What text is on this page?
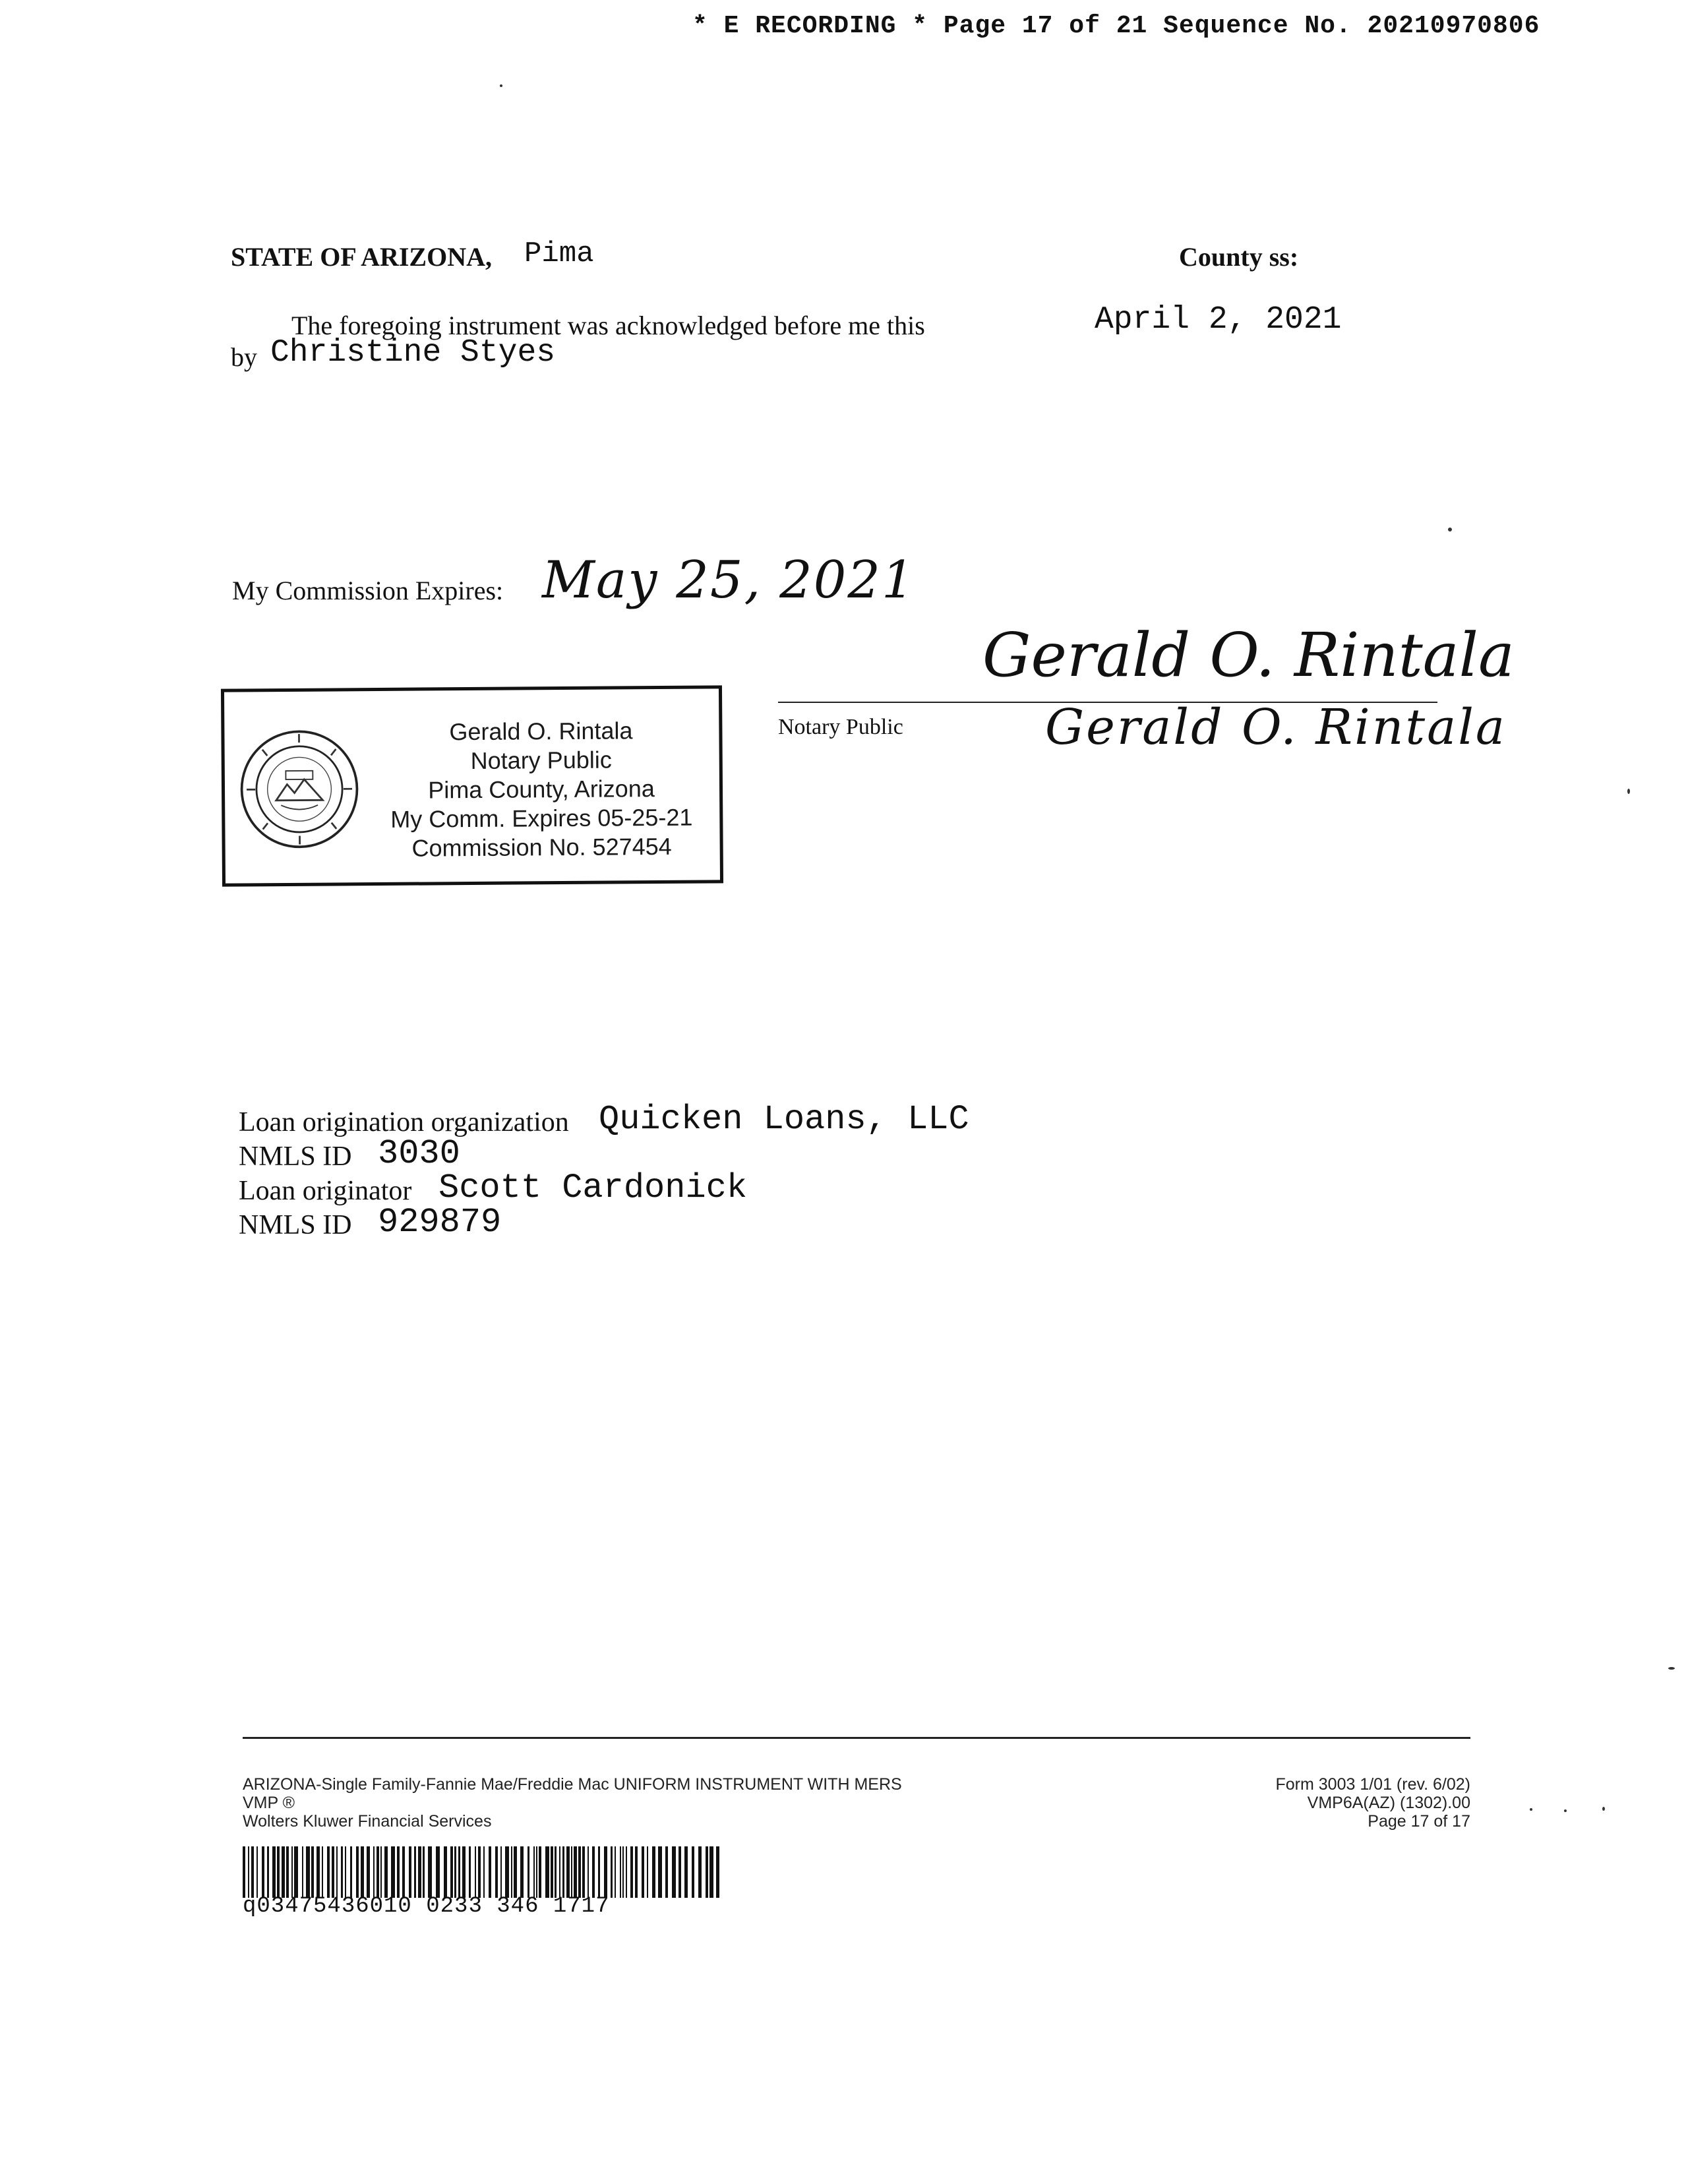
* E RECORDING * Page 17 of 21 Sequence No. 20210970806
STATE OF ARIZONA, Pima	County ss:
The foregoing instrument was acknowledged before me this	April 2, 2021
by Christine Styes
My Commission Expires: May 25, 2021
Gerald O. Rintala
Notary Public	Gerald O. Rintala
Gerald O. Rintala
Notary Public
Pima County, Arizona
My Comm. Expires 05-25-21
Commission No. 527454
Loan origination organization Quicken Loans, LLC
NMLS ID 3030
Loan originator Scott Cardonick
NMLS ID 929879
ARIZONA-Single Family-Fannie Mae/Freddie Mac UNIFORM INSTRUMENT WITH MERS
VMP ®
Wolters Kluwer Financial Services
Form 3003 1/01 (rev. 6/02)
VMP6A(AZ) (1302).00
Page 17 of 17
q03475436010 0233 346 1717
